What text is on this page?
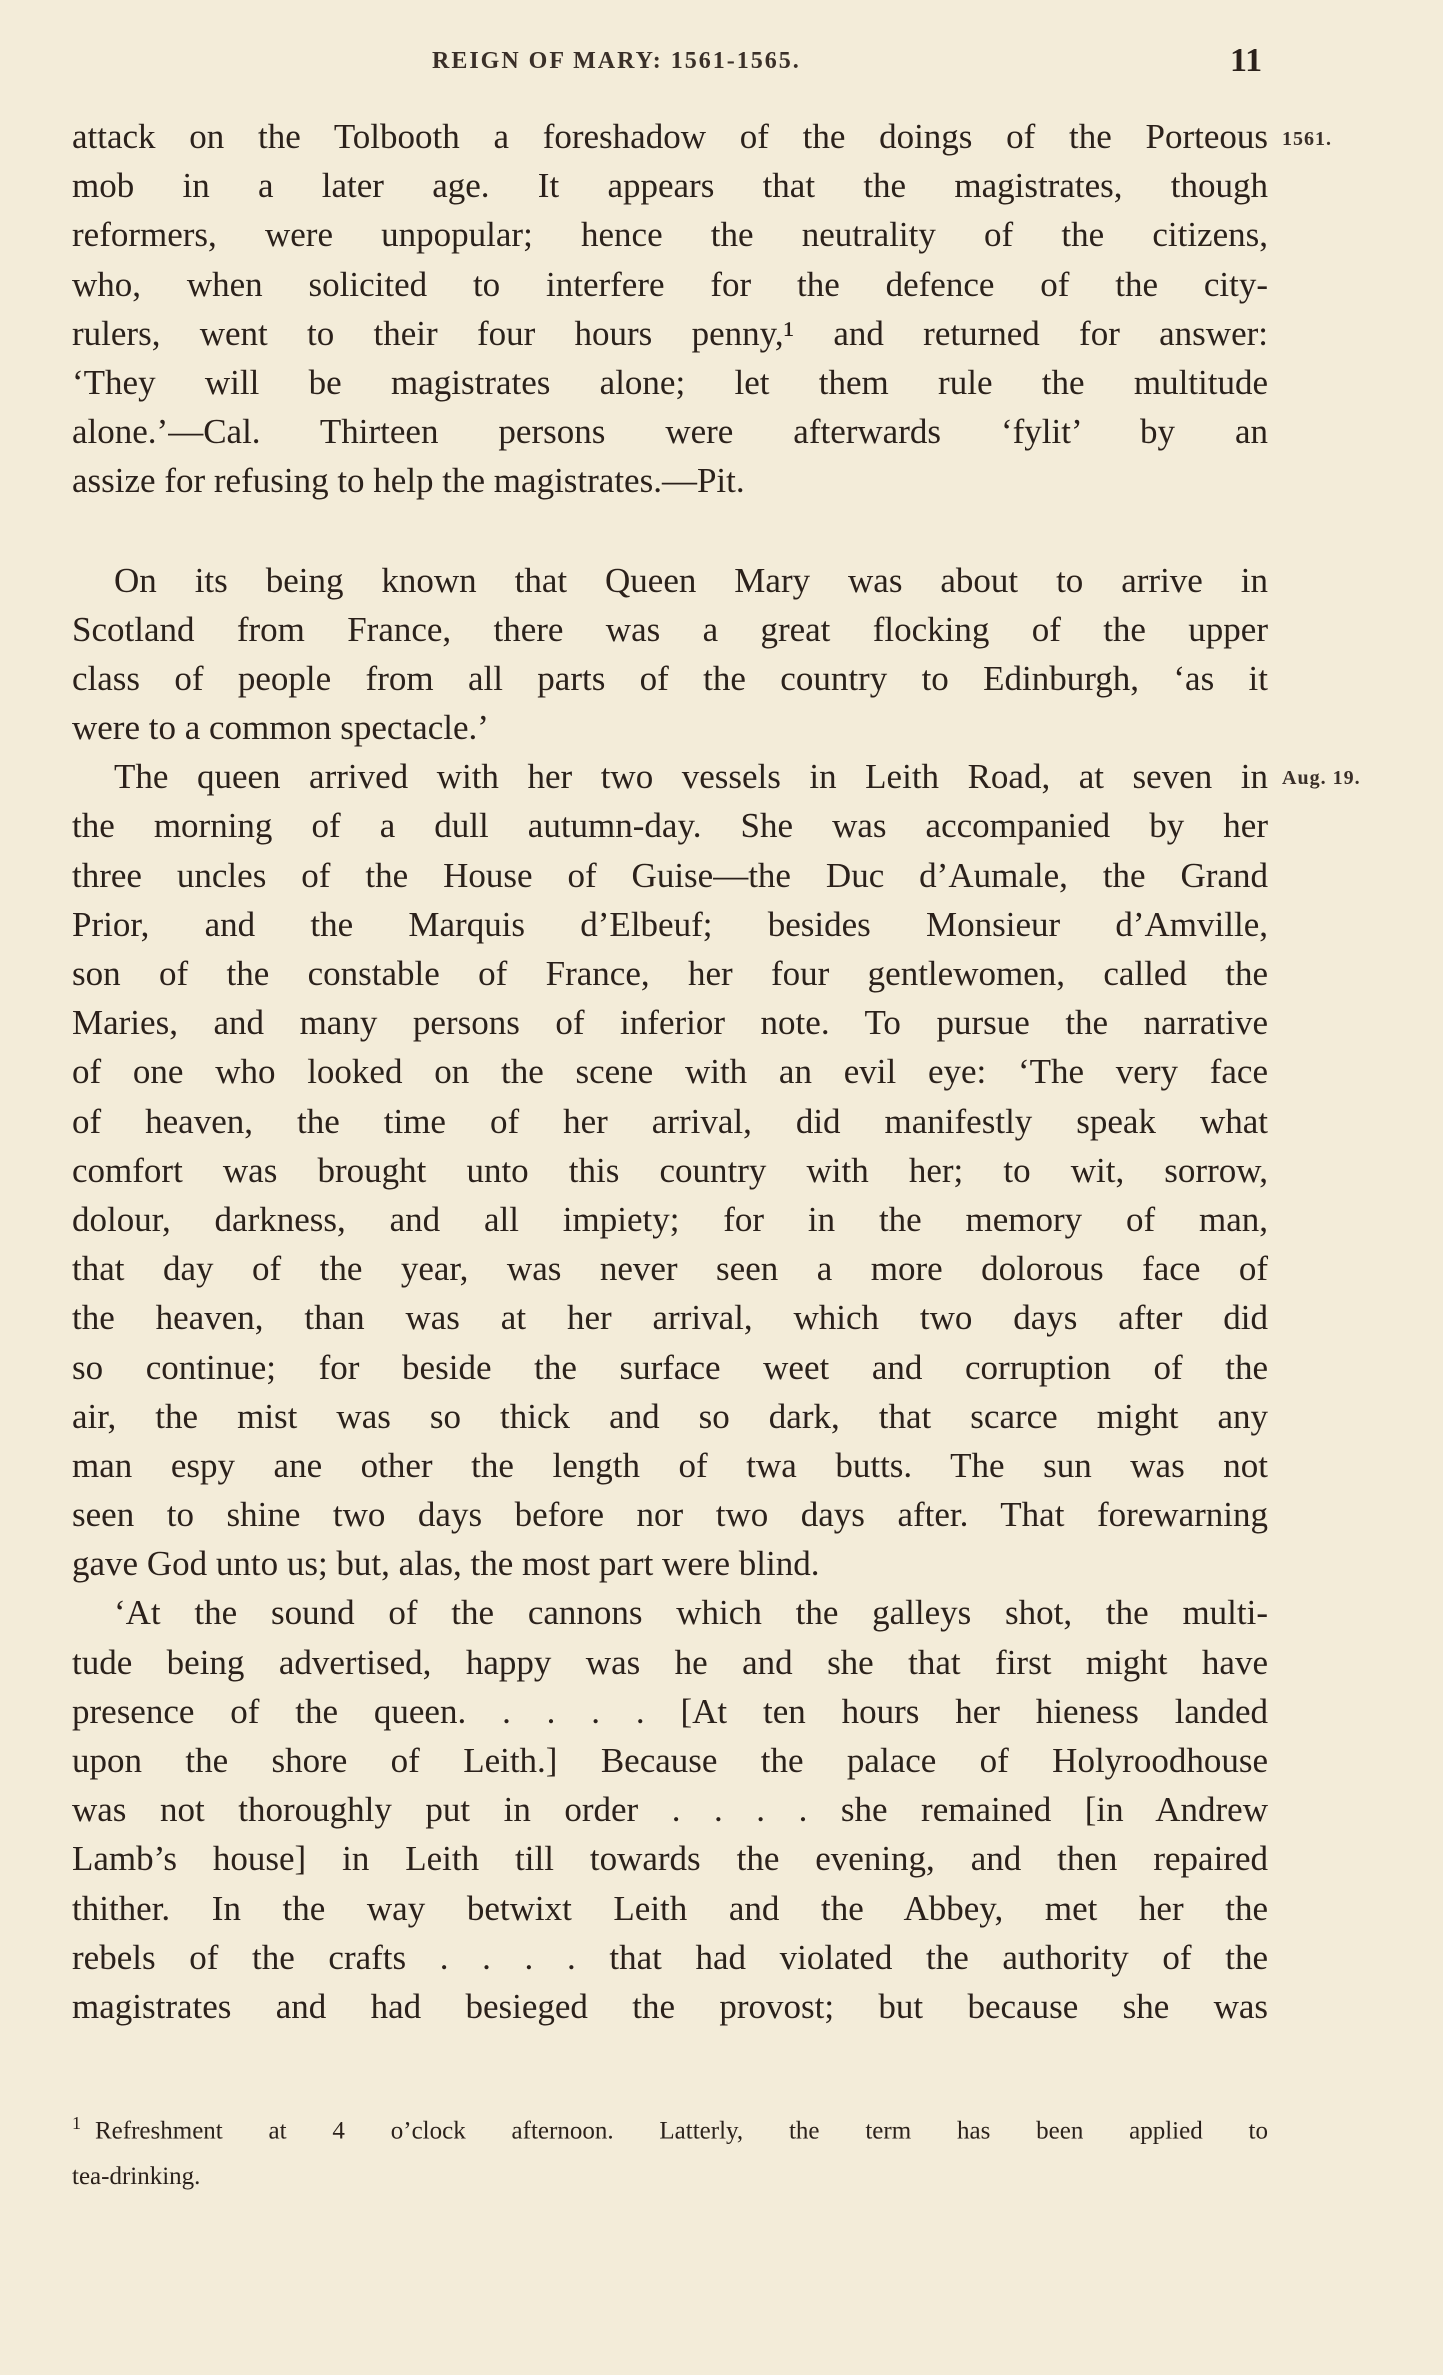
REIGN OF MARY: 1561-1565.	11
1561.
Aug. 19.

attack on the Tolbooth a foreshadow of the doings of the Porteous
mob in a later age. It appears that the magistrates, though
reformers, were unpopular; hence the neutrality of the citizens,
who, when solicited to interfere for the defence of the city-
rulers, went to their four hours penny,¹ and returned for answer:
‘They will be magistrates alone; let them rule the multitude
alone.’—Cal. Thirteen persons were afterwards ‘fylit’ by an
assize for refusing to help the magistrates.—Pit.

On its being known that Queen Mary was about to arrive in
Scotland from France, there was a great flocking of the upper
class of people from all parts of the country to Edinburgh, ‘as it
were to a common spectacle.’

The queen arrived with her two vessels in Leith Road, at seven in
the morning of a dull autumn-day. She was accompanied by her
three uncles of the House of Guise—the Duc d’Aumale, the Grand
Prior, and the Marquis d’Elbeuf; besides Monsieur d’Amville,
son of the constable of France, her four gentlewomen, called the
Maries, and many persons of inferior note. To pursue the narrative
of one who looked on the scene with an evil eye: ‘The very face
of heaven, the time of her arrival, did manifestly speak what
comfort was brought unto this country with her; to wit, sorrow,
dolour, darkness, and all impiety; for in the memory of man,
that day of the year, was never seen a more dolorous face of
the heaven, than was at her arrival, which two days after did
so continue; for beside the surface weet and corruption of the
air, the mist was so thick and so dark, that scarce might any
man espy ane other the length of twa butts. The sun was not
seen to shine two days before nor two days after. That forewarning
gave God unto us; but, alas, the most part were blind.

‘At the sound of the cannons which the galleys shot, the multi-
tude being advertised, happy was he and she that first might have
presence of the queen. . . . . [At ten hours her hieness landed
upon the shore of Leith.] Because the palace of Holyroodhouse
was not thoroughly put in order . . . . she remained [in Andrew
Lamb’s house] in Leith till towards the evening, and then repaired
thither. In the way betwixt Leith and the Abbey, met her the
rebels of the crafts . . . . that had violated the authority of the
magistrates and had besieged the provost; but because she was

$^1$ Refreshment at 4 o’clock afternoon. Latterly, the term has been applied to
tea-drinking.
